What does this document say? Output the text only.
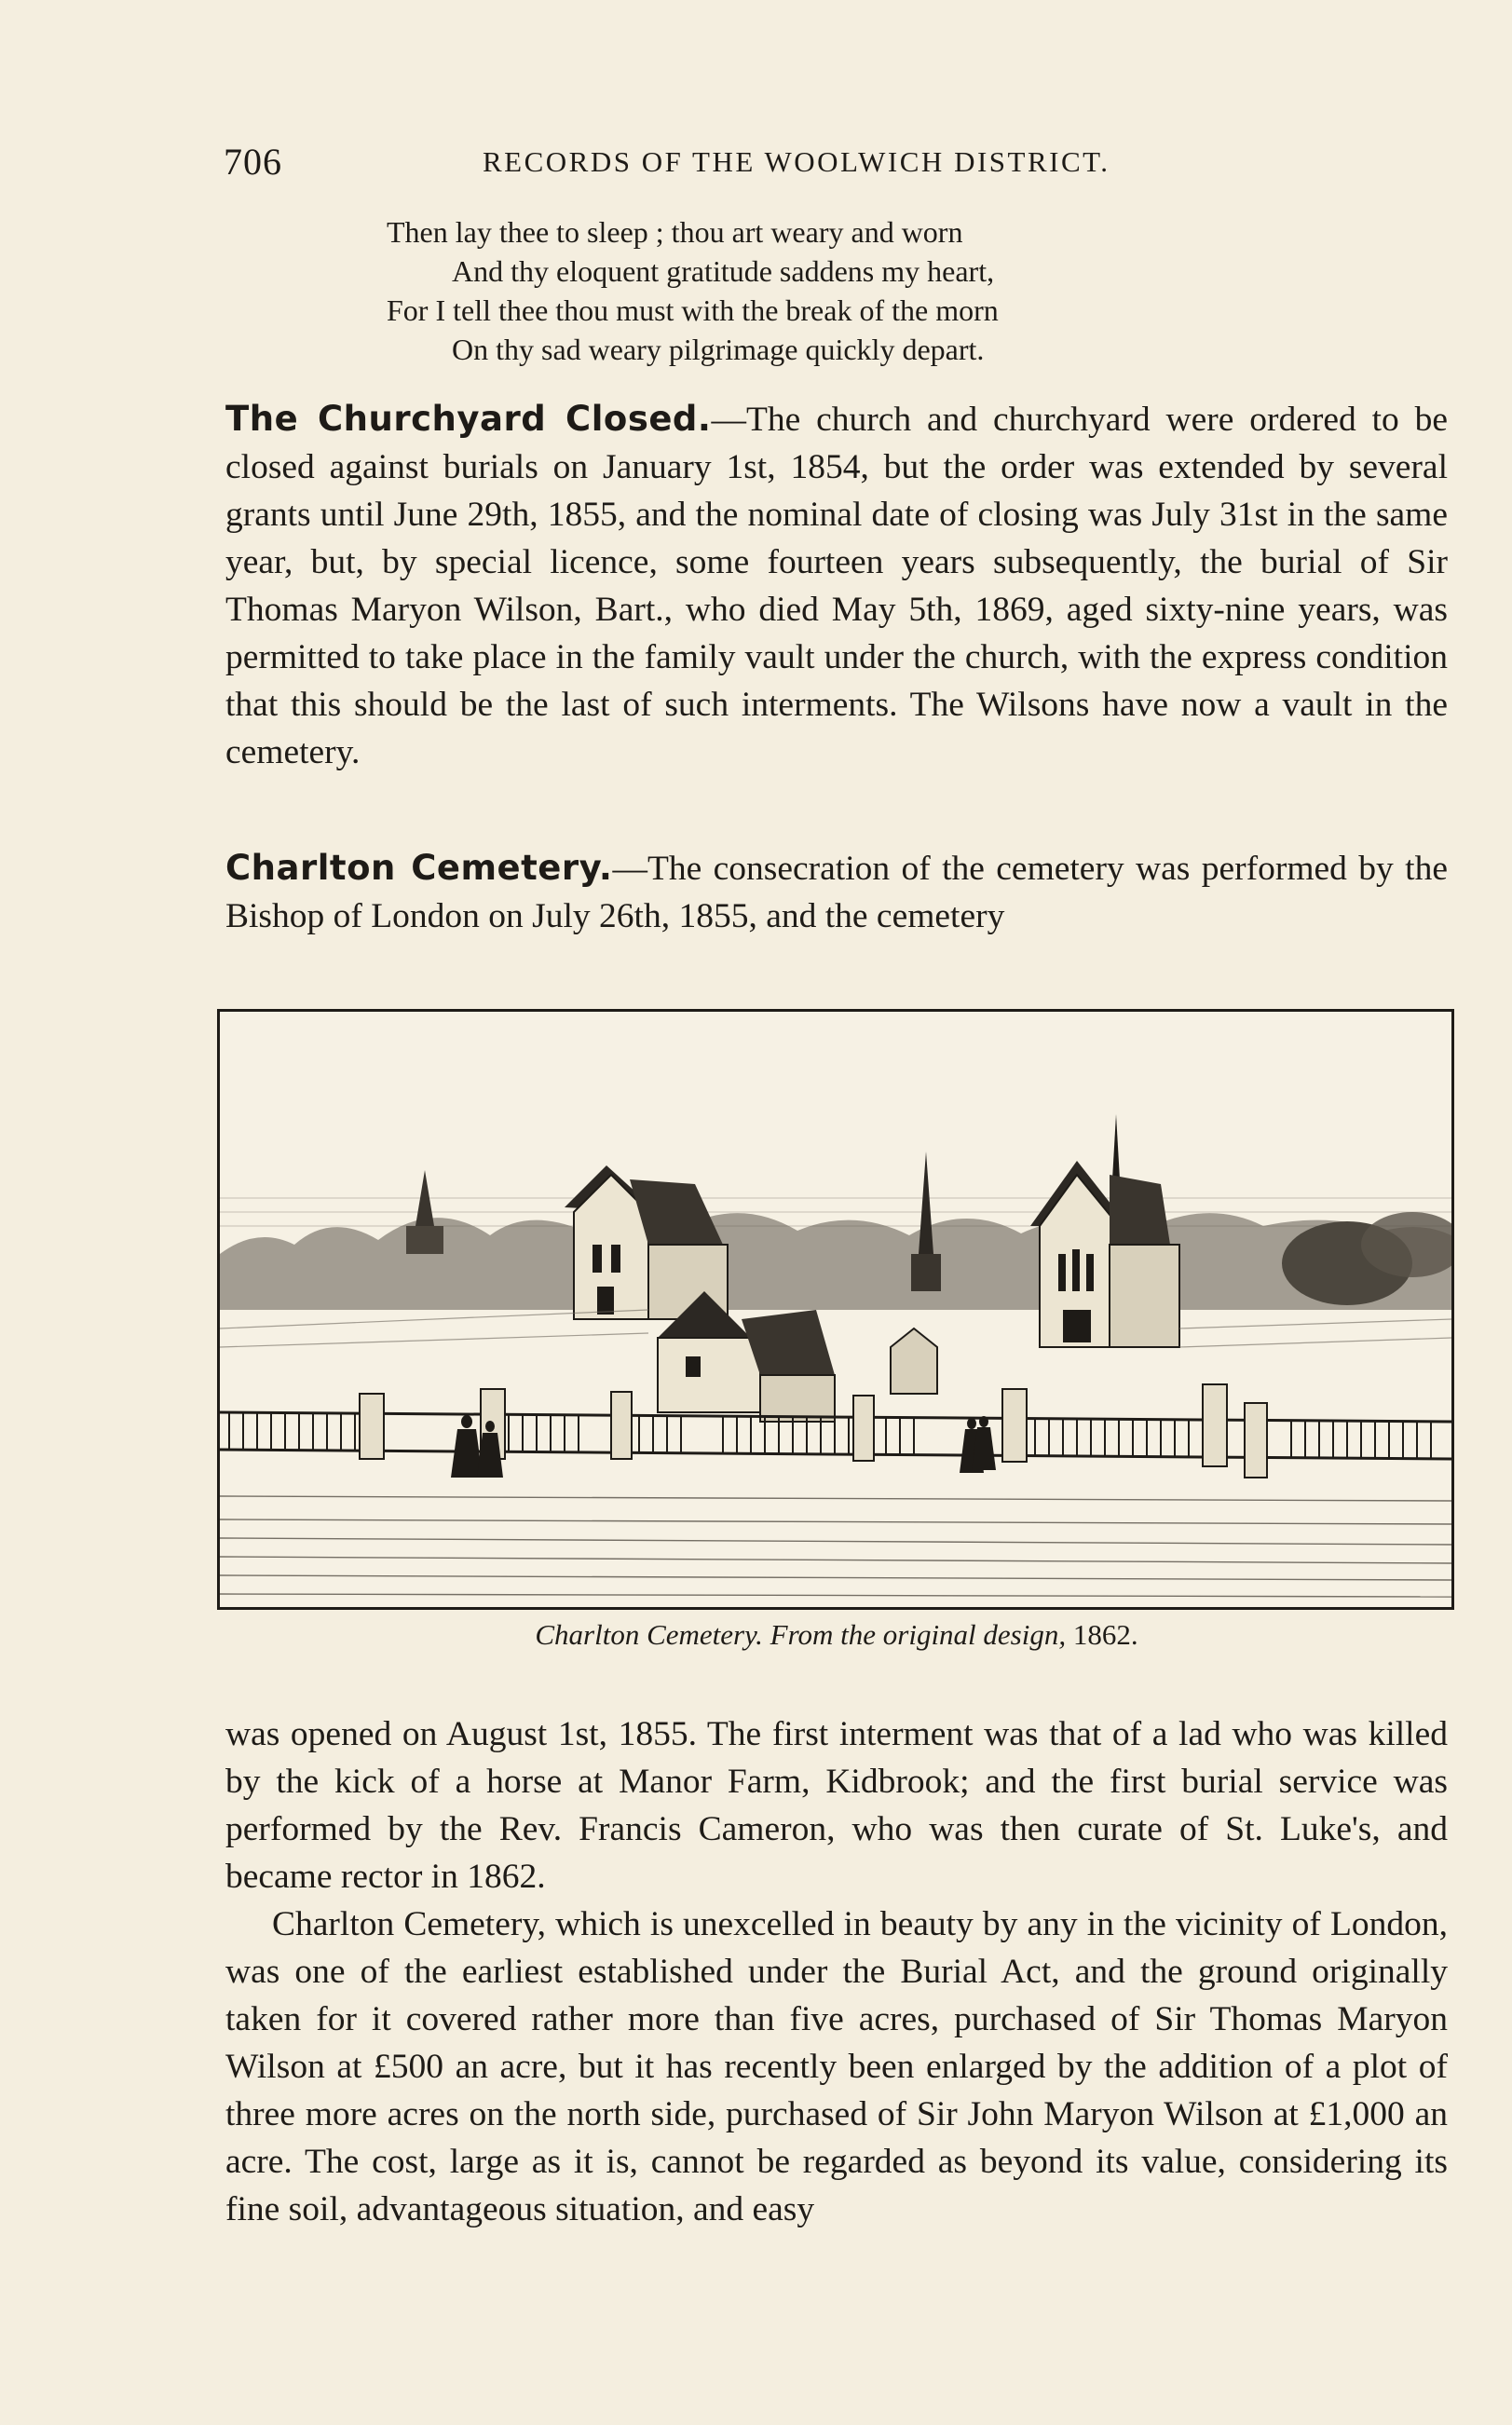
706	RECORDS OF THE WOOLWICH DISTRICT.
Then lay thee to sleep ; thou art weary and worn
And thy eloquent gratitude saddens my heart,
For I tell thee thou must with the break of the morn
On thy sad weary pilgrimage quickly depart.

The Churchyard Closed.—The church and churchyard were ordered to be closed against burials on January 1st, 1854, but the order was extended by several grants until June 29th, 1855, and the nominal date of closing was July 31st in the same year, but, by special licence, some fourteen years subsequently, the burial of Sir Thomas Maryon Wilson, Bart., who died May 5th, 1869, aged sixty-nine years, was permitted to take place in the family vault under the church, with the express condition that this should be the last of such interments. The Wilsons have now a vault in the cemetery.

Charlton Cemetery.—The consecration of the cemetery was performed by the Bishop of London on July 26th, 1855, and the cemetery

Charlton Cemetery. From the original design, 1862.

was opened on August 1st, 1855. The first interment was that of a lad who was killed by the kick of a horse at Manor Farm, Kidbrook; and the first burial service was performed by the Rev. Francis Cameron, who was then curate of St. Luke's, and became rector in 1862.

Charlton Cemetery, which is unexcelled in beauty by any in the vicinity of London, was one of the earliest established under the Burial Act, and the ground originally taken for it covered rather more than five acres, purchased of Sir Thomas Maryon Wilson at £500 an acre, but it has recently been enlarged by the addition of a plot of three more acres on the north side, purchased of Sir John Maryon Wilson at £1,000 an acre. The cost, large as it is, cannot be regarded as beyond its value, considering its fine soil, advantageous situation, and easy
